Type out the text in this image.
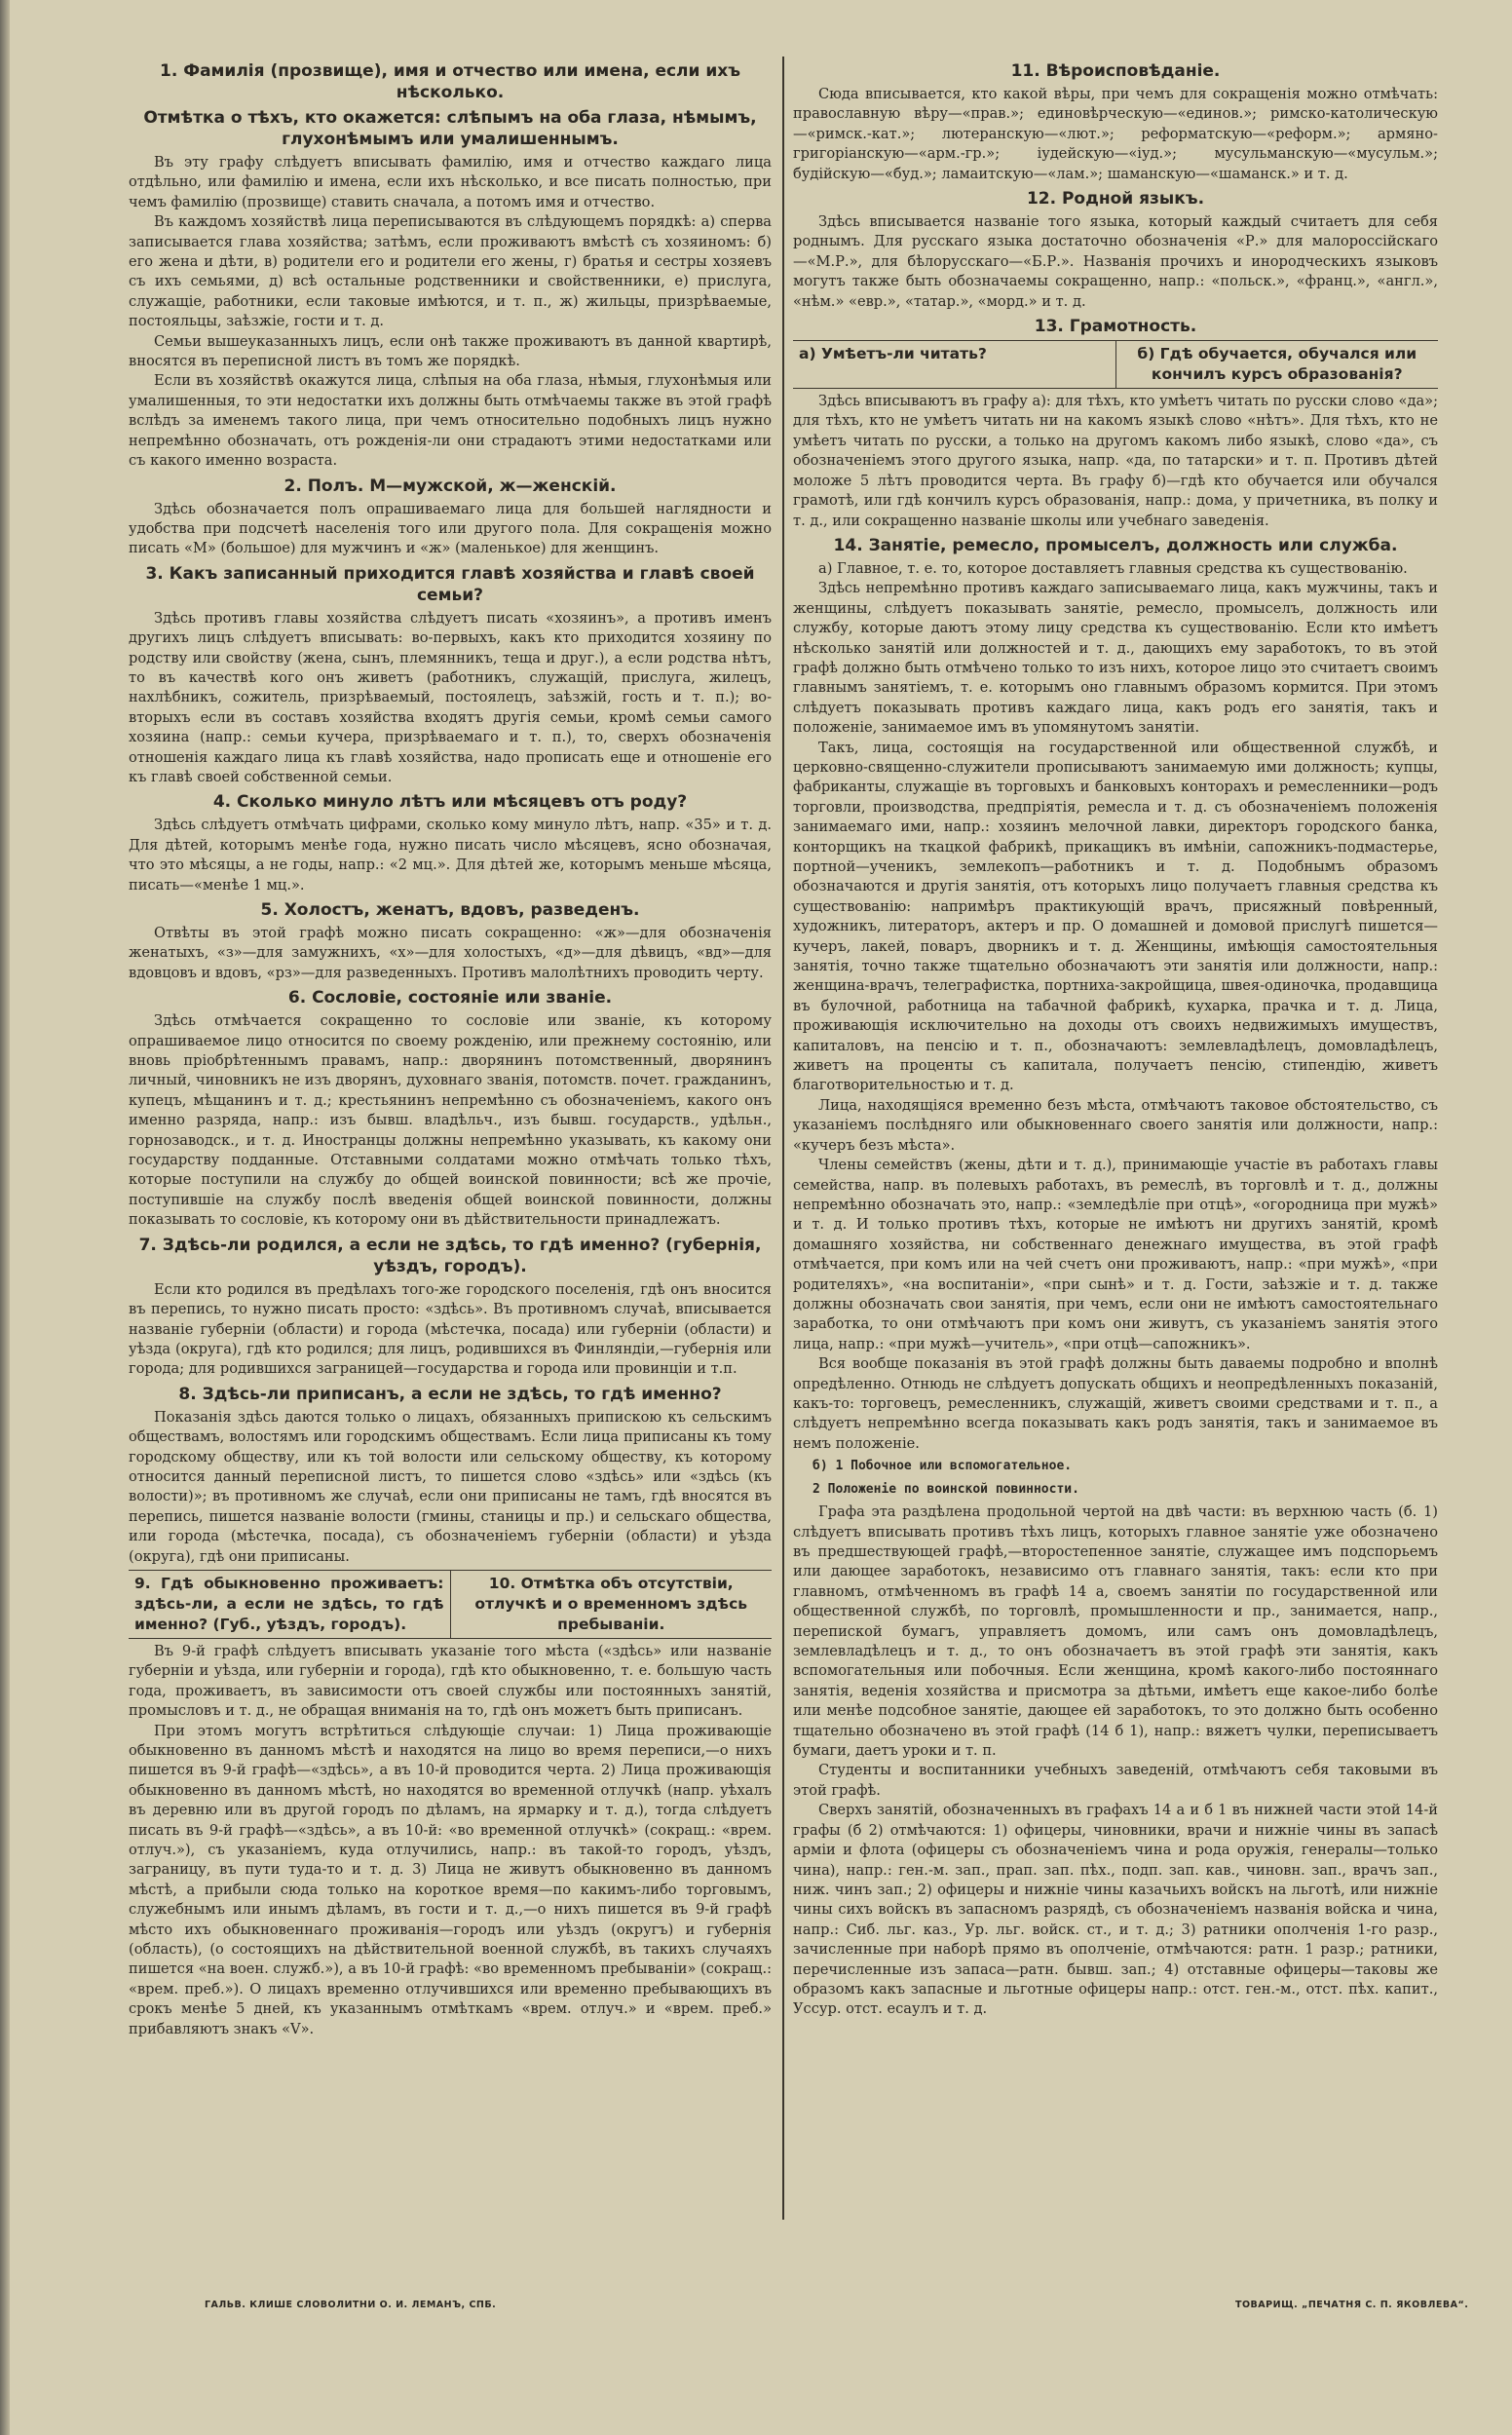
1. Фамилія (прозвище), имя и отчество или имена, если ихъ нѣсколько.
Отмѣтка о тѣхъ, кто окажется: слѣпымъ на оба глаза, нѣмымъ, глухонѣмымъ или умалишеннымъ.
Въ эту графу слѣдуетъ вписывать фамилію, имя и отчество каждаго лица отдѣльно, или фамилію и имена, если ихъ нѣсколько, и все писать полностью, при чемъ фамилію (прозвище) ставить сначала, а потомъ имя и отчество.
Въ каждомъ хозяйствѣ лица переписываются въ слѣдующемъ порядкѣ: а) сперва записывается глава хозяйства; затѣмъ, если проживаютъ вмѣстѣ съ хозяиномъ: б) его жена и дѣти, в) родители его и родители его жены, г) братья и сестры хозяевъ съ ихъ семьями, д) всѣ остальные родственники и свойственники, е) прислуга, служащіе, работники, если таковые имѣются, и т. п., ж) жильцы, призрѣваемые, постояльцы, заѣзжіе, гости и т. д.
Семьи вышеуказанныхъ лицъ, если онѣ также проживаютъ въ данной квартирѣ, вносятся въ переписной листъ въ томъ же порядкѣ.
Если въ хозяйствѣ окажутся лица, слѣпыя на оба глаза, нѣмыя, глухонѣмыя или умалишенныя, то эти недостатки ихъ должны быть отмѣчаемы также въ этой графѣ вслѣдъ за именемъ такого лица, при чемъ относительно подобныхъ лицъ нужно непремѣнно обозначать, отъ рожденія-ли они страдаютъ этими недостатками или съ какого именно возраста.
2. Полъ. М—мужской, ж—женскій.
Здѣсь обозначается полъ опрашиваемаго лица для большей наглядности и удобства при подсчетѣ населенія того или другого пола. Для сокращенія можно писать «М» (большое) для мужчинъ и «ж» (маленькое) для женщинъ.
3. Какъ записанный приходится главѣ хозяйства и главѣ своей семьи?
Здѣсь противъ главы хозяйства слѣдуетъ писать «хозяинъ», а противъ именъ другихъ лицъ слѣдуетъ вписывать: во-первыхъ, какъ кто приходится хозяину по родству или свойству (жена, сынъ, племянникъ, теща и друг.), а если родства нѣтъ, то въ качествѣ кого онъ живетъ (работникъ, служащій, прислуга, жилецъ, нахлѣбникъ, сожитель, призрѣваемый, постоялецъ, заѣзжій, гость и т. п.); во-вторыхъ если въ составъ хозяйства входятъ другія семьи, кромѣ семьи самого хозяина (напр.: семьи кучера, призрѣваемаго и т. п.), то, сверхъ обозначенія отношенія каждаго лица къ главѣ хозяйства, надо прописать еще и отношеніе его къ главѣ своей собственной семьи.
4. Сколько минуло лѣтъ или мѣсяцевъ отъ роду?
Здѣсь слѣдуетъ отмѣчать цифрами, сколько кому минуло лѣтъ, напр. «35» и т. д. Для дѣтей, которымъ менѣе года, нужно писать число мѣсяцевъ, ясно обозначая, что это мѣсяцы, а не годы, напр.: «2 мц.». Для дѣтей же, которымъ меньше мѣсяца, писать—«менѣе 1 мц.».
5. Холостъ, женатъ, вдовъ, разведенъ.
Отвѣты въ этой графѣ можно писать сокращенно: «ж»—для обозначенія женатыхъ, «з»—для замужнихъ, «х»—для холостыхъ, «д»—для дѣвицъ, «вд»—для вдовцовъ и вдовъ, «рз»—для разведенныхъ. Противъ малолѣтнихъ проводить черту.
6. Сословіе, состояніе или званіе.
Здѣсь отмѣчается сокращенно то сословіе или званіе, къ которому опрашиваемое лицо относится по своему рожденію, или прежнему состоянію, или вновь пріобрѣтеннымъ правамъ, напр.: дворянинъ потомственный, дворянинъ личный, чиновникъ не изъ дворянъ, духовнаго званія, потомств. почет. гражданинъ, купецъ, мѣщанинъ и т. д.; крестьянинъ непремѣнно съ обозначеніемъ, какого онъ именно разряда, напр.: изъ бывш. владѣльч., изъ бывш. государств., удѣльн., горнозаводск., и т. д. Иностранцы должны непремѣнно указывать, къ какому они государству подданные. Отставными солдатами можно отмѣчать только тѣхъ, которые поступили на службу до общей воинской повинности; всѣ же прочіе, поступившіе на службу послѣ введенія общей воинской повинности, должны показывать то сословіе, къ которому они въ дѣйствительности принадлежатъ.
7. Здѣсь-ли родился, а если не здѣсь, то гдѣ именно? (губернія, уѣздъ, городъ).
Если кто родился въ предѣлахъ того-же городского поселенія, гдѣ онъ вносится въ перепись, то нужно писать просто: «здѣсь». Въ противномъ случаѣ, вписывается названіе губерніи (области) и города (мѣстечка, посада) или губерніи (области) и уѣзда (округа), гдѣ кто родился; для лицъ, родившихся въ Финляндіи,—губернія или города; для родившихся заграницей—государства и города или провинціи и т.п.
8. Здѣсь-ли приписанъ, а если не здѣсь, то гдѣ именно?
Показанія здѣсь даются только о лицахъ, обязанныхъ припискою къ сельскимъ обществамъ, волостямъ или городскимъ обществамъ. Если лица приписаны къ тому городскому обществу, или къ той волости или сельскому обществу, къ которому относится данный переписной листъ, то пишется слово «здѣсь» или «здѣсь (къ волости)»; въ противномъ же случаѣ, если они приписаны не тамъ, гдѣ вносятся въ перепись, пишется названіе волости (гмины, станицы и пр.) и сельскаго общества, или города (мѣстечка, посада), съ обозначеніемъ губерніи (области) и уѣзда (округа), гдѣ они приписаны.
9. Гдѣ обыкновенно проживаетъ: здѣсь-ли, а если не здѣсь, то гдѣ именно? (Губ., уѣздъ, городъ).
10. Отмѣтка объ отсутствіи, отлучкѣ и о временномъ здѣсь пребываніи.
Въ 9-й графѣ слѣдуетъ вписывать указаніе того мѣста («здѣсь» или названіе губерніи и уѣзда, или губерніи и города), гдѣ кто обыкновенно, т. е. большую часть года, проживаетъ, въ зависимости отъ своей службы или постоянныхъ занятій, промысловъ и т. д., не обращая вниманія на то, гдѣ онъ можетъ быть приписанъ.
При этомъ могутъ встрѣтиться слѣдующіе случаи: 1) Лица проживающіе обыкновенно въ данномъ мѣстѣ и находятся на лицо во время переписи,—о нихъ пишется въ 9-й графѣ—«здѣсь», а въ 10-й проводится черта. 2) Лица проживающія обыкновенно въ данномъ мѣстѣ, но находятся во временной отлучкѣ (напр. уѣхалъ въ деревню или въ другой городъ по дѣламъ, на ярмарку и т. д.), тогда слѣдуетъ писать въ 9-й графѣ—«здѣсь», а въ 10-й: «во временной отлучкѣ» (сокращ.: «врем. отлуч.»), съ указаніемъ, куда отлучились, напр.: въ такой-то городъ, уѣздъ, заграницу, въ пути туда-то и т. д. 3) Лица не живутъ обыкновенно въ данномъ мѣстѣ, а прибыли сюда только на короткое время—по какимъ-либо торговымъ, служебнымъ или инымъ дѣламъ, въ гости и т. д.,—о нихъ пишется въ 9-й графѣ мѣсто ихъ обыкновеннаго проживанія—городъ или уѣздъ (округъ) и губернія (область), (о состоящихъ на дѣйствительной военной службѣ, въ такихъ случаяхъ пишется «на воен. служб.»), а въ 10-й графѣ: «во временномъ пребываніи» (сокращ.: «врем. преб.»). О лицахъ временно отлучившихся или временно пребывающихъ въ срокъ менѣе 5 дней, къ указаннымъ отмѣткамъ «врем. отлуч.» и «врем. преб.» прибавляютъ знакъ «V».
11. Вѣроисповѣданіе.
Сюда вписывается, кто какой вѣры, при чемъ для сокращенія можно отмѣчать: православную вѣру—«прав.»; единовѣрческую—«единов.»; римско-католическую—«римск.-кат.»; лютеранскую—«лют.»; реформатскую—«реформ.»; армяно-григоріанскую—«арм.-гр.»; іудейскую—«іуд.»; мусульманскую—«мусульм.»; будійскую—«буд.»; ламаитскую—«лам.»; шаманскую—«шаманск.» и т. д.
12. Родной языкъ.
Здѣсь вписывается названіе того языка, который каждый считаетъ для себя роднымъ. Для русскаго языка достаточно обозначенія «Р.» для малороссійскаго—«М.Р.», для бѣлорусскаго—«Б.Р.». Названія прочихъ и инородческихъ языковъ могутъ также быть обозначаемы сокращенно, напр.: «польск.», «франц.», «англ.», «нѣм.» «евр.», «татар.», «морд.» и т. д.
13. Грамотность.
а) Умѣетъ-ли читать?	б) Гдѣ обучается, обучался или кончилъ курсъ образованія?
Здѣсь вписываютъ въ графу а): для тѣхъ, кто умѣетъ читать по русски слово «да»; для тѣхъ, кто не умѣетъ читать ни на какомъ языкѣ слово «нѣтъ». Для тѣхъ, кто не умѣетъ читать по русски, а только на другомъ какомъ либо языкѣ, слово «да», съ обозначеніемъ этого другого языка, напр. «да, по татарски» и т. п. Противъ дѣтей моложе 5 лѣтъ проводится черта. Въ графу б)—гдѣ кто обучается или обучался грамотѣ, или гдѣ кончилъ курсъ образованія, напр.: дома, у причетника, въ полку и т. д., или сокращенно названіе школы или учебнаго заведенія.
14. Занятіе, ремесло, промыселъ, должность или служба.
а) Главное, т. е. то, которое доставляетъ главныя средства къ существованію.
Здѣсь непремѣнно противъ каждаго записываемаго лица, какъ мужчины, такъ и женщины, слѣдуетъ показывать занятіе, ремесло, промыселъ, должность или службу, которые даютъ этому лицу средства къ существованію. Если кто имѣетъ нѣсколько занятій или должностей и т. д., дающихъ ему заработокъ, то въ этой графѣ должно быть отмѣчено только то изъ нихъ, которое лицо это считаетъ своимъ главнымъ занятіемъ, т. е. которымъ оно главнымъ образомъ кормится. При этомъ слѣдуетъ показывать противъ каждаго лица, какъ родъ его занятія, такъ и положеніе, занимаемое имъ въ упомянутомъ занятіи.
Такъ, лица, состоящія на государственной или общественной службѣ, и церковно-священно-служители прописываютъ занимаемую ими должность; купцы, фабриканты, служащіе въ торговыхъ и банковыхъ конторахъ и ремесленники—родъ торговли, производства, предпріятія, ремесла и т. д. съ обозначеніемъ положенія занимаемаго ими, напр.: хозяинъ мелочной лавки, директоръ городского банка, конторщикъ на ткацкой фабрикѣ, прикащикъ въ имѣніи, сапожникъ-подмастерье, портной—ученикъ, землекопъ—работникъ и т. д. Подобнымъ образомъ обозначаются и другія занятія, отъ которыхъ лицо получаетъ главныя средства къ существованію: напримѣръ практикующій врачъ, присяжный повѣренный, художникъ, литераторъ, актеръ и пр. О домашней и домовой прислугѣ пишется—кучеръ, лакей, поваръ, дворникъ и т. д. Женщины, имѣющія самостоятельныя занятія, точно также тщательно обозначаютъ эти занятія или должности, напр.: женщина-врачъ, телеграфистка, портниха-закройщица, швея-одиночка, продавщица въ булочной, работница на табачной фабрикѣ, кухарка, прачка и т. д. Лица, проживающія исключительно на доходы отъ своихъ недвижимыхъ имуществъ, капиталовъ, на пенсію и т. п., обозначаютъ: землевладѣлецъ, домовладѣлецъ, живетъ на проценты съ капитала, получаетъ пенсію, стипендію, живетъ благотворительностью и т. д.
Лица, находящіяся временно безъ мѣста, отмѣчаютъ таковое обстоятельство, съ указаніемъ послѣдняго или обыкновеннаго своего занятія или должности, напр.: «кучеръ безъ мѣста».
Члены семействъ (жены, дѣти и т. д.), принимающіе участіе въ работахъ главы семейства, напр. въ полевыхъ работахъ, въ ремеслѣ, въ торговлѣ и т. д., должны непремѣнно обозначать это, напр.: «земледѣліе при отцѣ», «огородница при мужѣ» и т. д. И только противъ тѣхъ, которые не имѣютъ ни другихъ занятій, кромѣ домашняго хозяйства, ни собственнаго денежнаго имущества, въ этой графѣ отмѣчается, при комъ или на чей счетъ они проживаютъ, напр.: «при мужѣ», «при родителяхъ», «на воспитаніи», «при сынѣ» и т. д. Гости, заѣзжіе и т. д. также должны обозначать свои занятія, при чемъ, если они не имѣютъ самостоятельнаго заработка, то они отмѣчаютъ при комъ они живутъ, съ указаніемъ занятія этого лица, напр.: «при мужѣ—учитель», «при отцѣ—сапожникъ».
Вся вообще показанія въ этой графѣ должны быть даваемы подробно и вполнѣ опредѣленно. Отнюдь не слѣдуетъ допускать общихъ и неопредѣленныхъ показаній, какъ-то: торговецъ, ремесленникъ, служащій, живетъ своими средствами и т. п., а слѣдуетъ непремѣнно всегда показывать какъ родъ занятія, такъ и занимаемое въ немъ положеніе.
б) 1 Побочное или вспомогательное.
2 Положеніе по воинской повинности.
Графа эта раздѣлена продольной чертой на двѣ части: въ верхнюю часть (б. 1) слѣдуетъ вписывать противъ тѣхъ лицъ, которыхъ главное занятіе уже обозначено въ предшествующей графѣ,—второстепенное занятіе, служащее имъ подспорьемъ или дающее заработокъ, независимо отъ главнаго занятія, такъ: если кто при главномъ, отмѣченномъ въ графѣ 14 а, своемъ занятіи по государственной или общественной службѣ, по торговлѣ, промышленности и пр., занимается, напр., перепиской бумагъ, управляетъ домомъ, или самъ онъ домовладѣлецъ, землевладѣлецъ и т. д., то онъ обозначаетъ въ этой графѣ эти занятія, какъ вспомогательныя или побочныя. Если женщина, кромѣ какого-либо постояннаго занятія, веденія хозяйства и присмотра за дѣтьми, имѣетъ еще какое-либо болѣе или менѣе подсобное занятіе, дающее ей заработокъ, то это должно быть особенно тщательно обозначено въ этой графѣ (14 б 1), напр.: вяжетъ чулки, переписываетъ бумаги, даетъ уроки и т. п.
Студенты и воспитанники учебныхъ заведеній, отмѣчаютъ себя таковыми въ этой графѣ.
Сверхъ занятій, обозначенныхъ въ графахъ 14 а и б 1 въ нижней части этой 14-й графы (б 2) отмѣчаются: 1) офицеры, чиновники, врачи и нижніе чины въ запасѣ арміи и флота (офицеры съ обозначеніемъ чина и рода оружія, генералы—только чина), напр.: ген.-м. зап., прап. зап. пѣх., подп. зап. кав., чиновн. зап., врачъ зап., ниж. чинъ зап.; 2) офицеры и нижніе чины казачьихъ войскъ на льготѣ, или нижніе чины сихъ войскъ въ запасномъ разрядѣ, съ обозначеніемъ названія войска и чина, напр.: Сиб. льг. каз., Ур. льг. войск. ст., и т. д.; 3) ратники ополченія 1-го разр., зачисленные при наборѣ прямо въ ополченіе, отмѣчаются: ратн. 1 разр.; ратники, перечисленные изъ запаса—ратн. бывш. зап.; 4) отставные офицеры—таковы же образомъ какъ запасные и льготные офицеры напр.: отст. ген.-м., отст. пѣх. капит., Уссур. отст. есаулъ и т. д.
ГАЛЬВ. КЛИШЕ СЛОВОЛИТНИ О. И. ЛЕМАНЪ, СПБ.	ТОВАРИЩ. „ПЕЧАТНЯ С. П. ЯКОВЛЕВА“.
